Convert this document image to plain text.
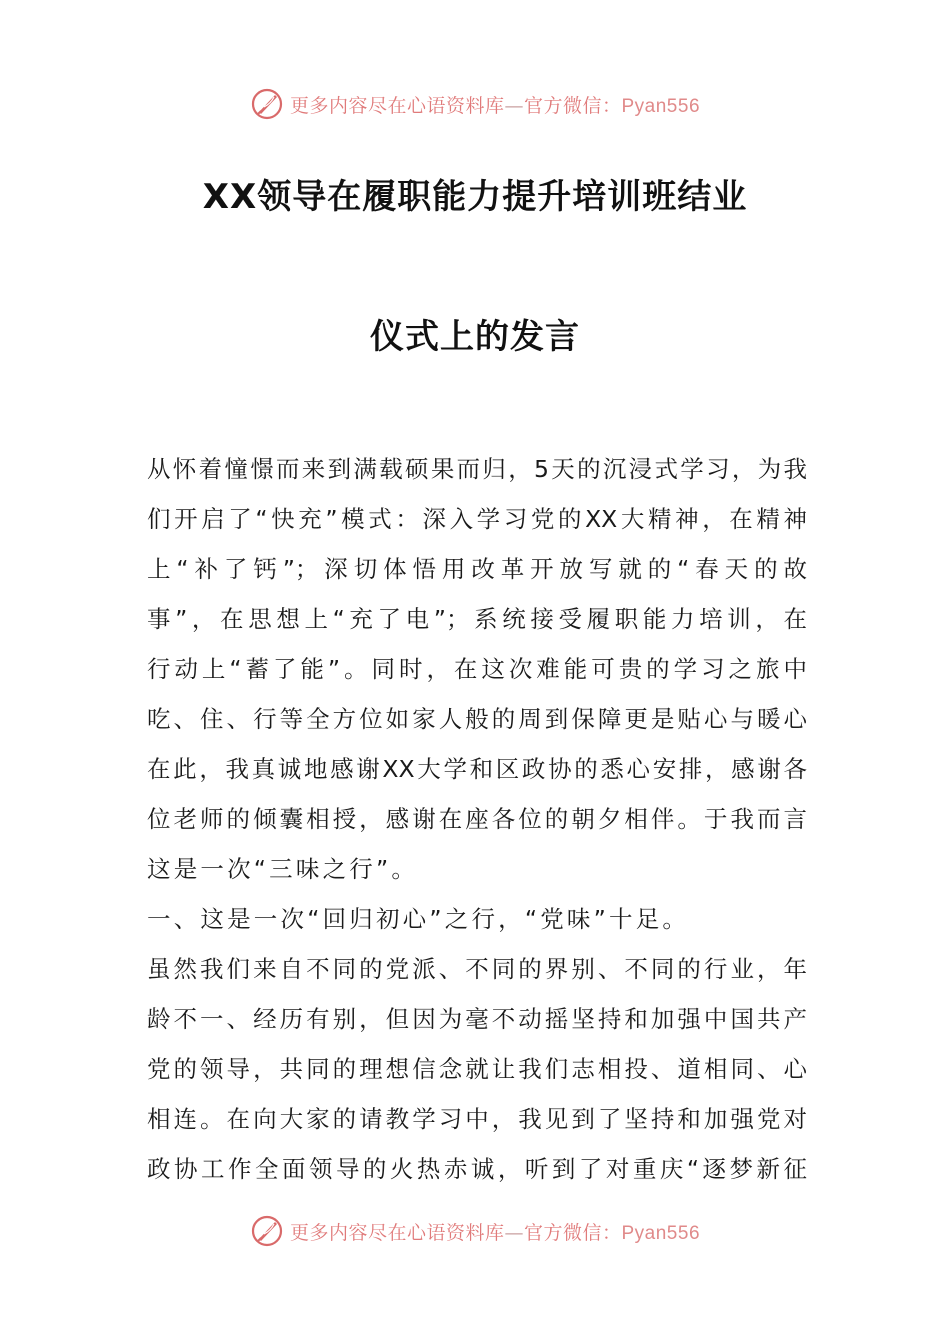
更多内容尽在心语资料库—官方微信：Pyan556
XX领导在履职能力提升培训班结业
仪式上的发言
从怀着憧憬而来到满载硕果而归，5天的沉浸式学习，为我
们开启了“快充”模式：深入学习党的XX大精神，在精神
上“补了钙”；深切体悟用改革开放写就的“春天的故
事”，在思想上“充了电”；系统接受履职能力培训，在
行动上“蓄了能”。同时，在这次难能可贵的学习之旅中
吃、住、行等全方位如家人般的周到保障更是贴心与暖心
在此，我真诚地感谢XX大学和区政协的悉心安排，感谢各
位老师的倾囊相授，感谢在座各位的朝夕相伴。于我而言
这是一次“三味之行”。
一、这是一次“回归初心”之行，“党味”十足。
虽然我们来自不同的党派、不同的界别、不同的行业，年
龄不一、经历有别，但因为毫不动摇坚持和加强中国共产
党的领导，共同的理想信念就让我们志相投、道相同、心
相连。在向大家的请教学习中，我见到了坚持和加强党对
政协工作全面领导的火热赤诚，听到了对重庆“逐梦新征
更多内容尽在心语资料库—官方微信：Pyan556
